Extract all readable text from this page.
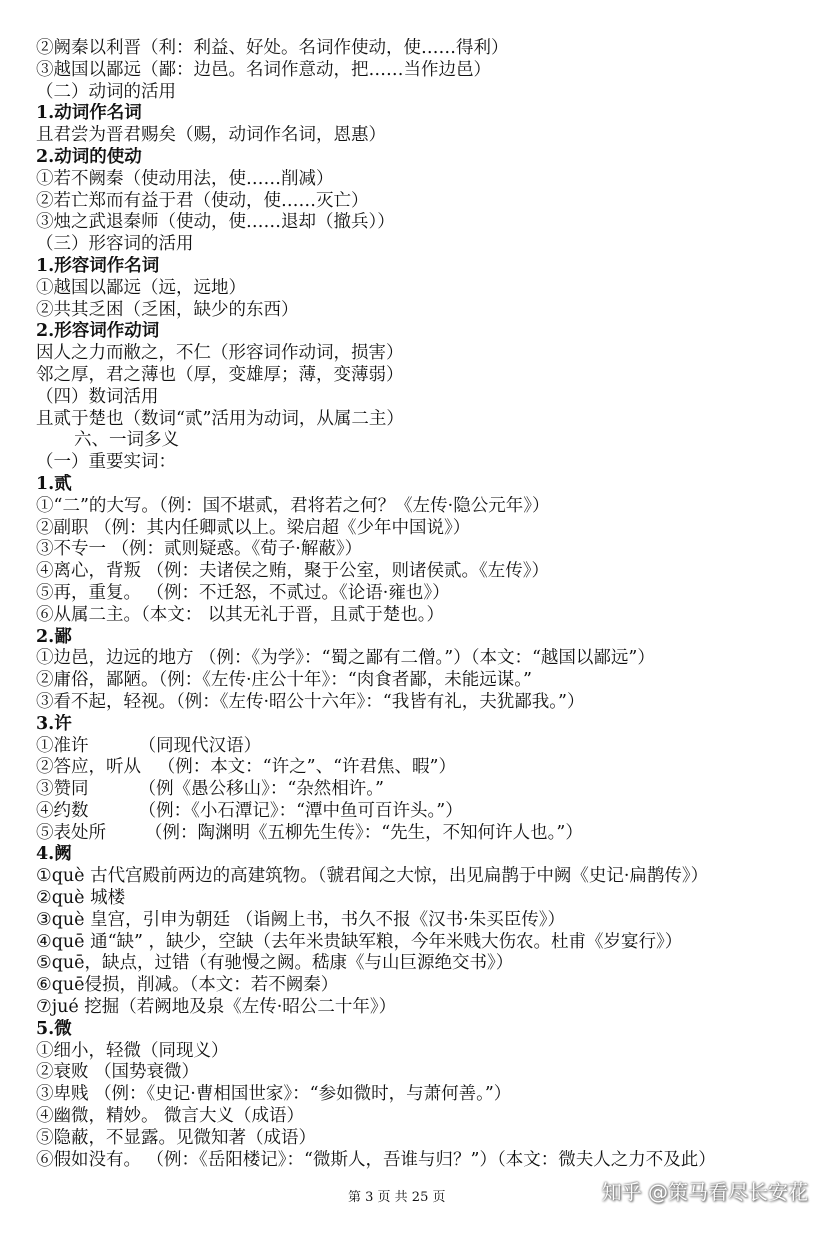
②阙秦以利晋（利：利益、好处。名词作使动，使……得利）
③越国以鄙远（鄙：边邑。名词作意动，把……当作边邑）
（二）动词的活用
1.动词作名词
且君尝为晋君赐矣（赐，动词作名词，恩惠）
2.动词的使动
①若不阙秦（使动用法，使……削减）
②若亡郑而有益于君（使动，使……灭亡）
③烛之武退秦师（使动，使……退却（撤兵））
（三）形容词的活用
1.形容词作名词
①越国以鄙远（远，远地）
②共其乏困（乏困，缺少的东西）
2.形容词作动词
因人之力而敝之，不仁（形容词作动词，损害）
邻之厚，君之薄也（厚，变雄厚；薄，变薄弱）
（四）数词活用
且贰于楚也（数词“贰”活用为动词，从属二主）
六、一词多义
（一）重要实词：
1.贰
①“二”的大写。（例：国不堪贰，君将若之何？《左传·隐公元年》）
②副职 （例：其内任卿贰以上。梁启超《少年中国说》）
③不专一 （例：贰则疑惑。《荀子·解蔽》）
④离心，背叛 （例：夫诸侯之贿，聚于公室，则诸侯贰。《左传》）
⑤再，重复。 （例：不迁怒，不贰过。《论语·雍也》）
⑥从属二主。（本文： 以其无礼于晋，且贰于楚也。）
2.鄙
①边邑，边远的地方 （例：《为学》：“蜀之鄙有二僧。”）（本文：“越国以鄙远”）
②庸俗，鄙陋。（例：《左传·庄公十年》：“肉食者鄙，未能远谋。”
③看不起，轻视。（例：《左传·昭公十六年》：“我皆有礼，夫犹鄙我。”）
3.许
①准许         （同现代汉语）
②答应，听从   （例：本文：“许之”、“许君焦、暇”）
③赞同         （例《愚公移山》：“杂然相许。”
④约数         （例：《小石潭记》：“潭中鱼可百许头。”）
⑤表处所       （例：陶渊明《五柳先生传》：“先生，不知何许人也。”）
4.阙
①què 古代宫殿前两边的高建筑物。（虢君闻之大惊，出见扁鹊于中阙《史记·扁鹊传》）
②què 城楼
③què 皇宫，引申为朝廷 （诣阙上书，书久不报《汉书·朱买臣传》）
④quē 通“缺” ，缺少，空缺（去年米贵缺军粮，今年米贱大伤农。杜甫《岁宴行》）
⑤quē，缺点，过错（有驰慢之阙。嵇康《与山巨源绝交书》）
⑥quē侵损，削减。（本文：若不阙秦）
⑦jué 挖掘（若阙地及泉《左传·昭公二十年》）
5.微
①细小，轻微（同现义）
②衰败 （国势衰微）
③卑贱 （例：《史记·曹相国世家》：“参如微时，与萧何善。”）
④幽微，精妙。 微言大义（成语）
⑤隐蔽，不显露。见微知著（成语）
⑥假如没有。 （例：《岳阳楼记》：“微斯人，吾谁与归？”）（本文：微夫人之力不及此）
第 3 页 共 25 页	知乎 @策马看尽长安花
